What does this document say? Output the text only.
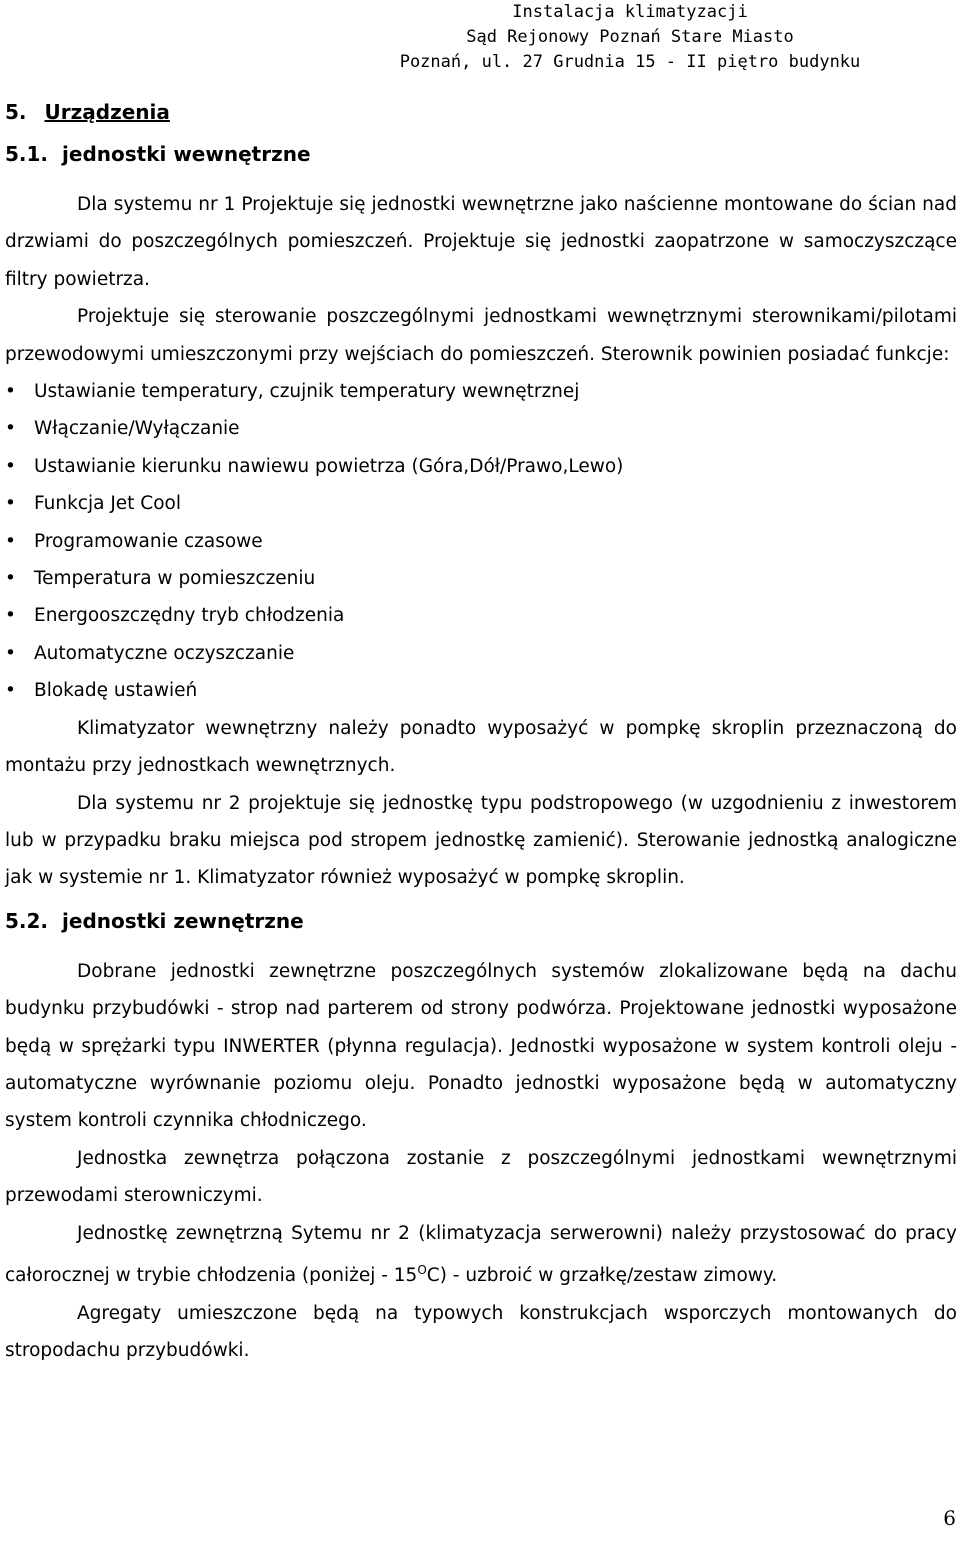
Instalacja klimatyzacji
Sąd Rejonowy Poznań Stare Miasto
Poznań, ul. 27 Grudnia 15 - II piętro budynku
5. Urządzenia
5.1. jednostki wewnętrzne

Dla systemu nr 1 Projektuje się jednostki wewnętrzne jako naścienne montowane do ścian nad drzwiami do poszczególnych pomieszczeń. Projektuje się jednostki zaopatrzone w samoczyszczące filtry powietrza.

Projektuje się sterowanie poszczególnymi jednostkami wewnętrznymi sterownikami/pilotami przewodowymi umieszczonymi przy wejściach do pomieszczeń. Sterownik powinien posiadać funkcje:

• Ustawianie temperatury, czujnik temperatury wewnętrznej
• Włączanie/Wyłączanie
• Ustawianie kierunku nawiewu powietrza (Góra,Dół/Prawo,Lewo)
• Funkcja Jet Cool
• Programowanie czasowe
• Temperatura w pomieszczeniu
• Energooszczędny tryb chłodzenia
• Automatyczne oczyszczanie
• Blokadę ustawień

Klimatyzator wewnętrzny należy ponadto wyposażyć w pompkę skroplin przeznaczoną do montażu przy jednostkach wewnętrznych.

Dla systemu nr 2 projektuje się jednostkę typu podstropowego (w uzgodnieniu z inwestorem lub w przypadku braku miejsca pod stropem jednostkę zamienić). Sterowanie jednostką analogiczne jak w systemie nr 1. Klimatyzator również wyposażyć w pompkę skroplin.

5.2. jednostki zewnętrzne

Dobrane jednostki zewnętrzne poszczególnych systemów zlokalizowane będą na dachu budynku przybudówki - strop nad parterem od strony podwórza. Projektowane jednostki wyposażone będą w sprężarki typu INWERTER (płynna regulacja). Jednostki wyposażone w system kontroli oleju - automatyczne wyrównanie poziomu oleju. Ponadto jednostki wyposażone będą w automatyczny system kontroli czynnika chłodniczego.

Jednostka zewnętrza połączona zostanie z poszczególnymi jednostkami wewnętrznymi przewodami sterowniczymi.

Jednostkę zewnętrzną Sytemu nr 2 (klimatyzacja serwerowni) należy przystosować do pracy całorocznej w trybie chłodzenia (poniżej - $15^OC$) - uzbroić w grzałkę/zestaw zimowy.

Agregaty umieszczone będą na typowych konstrukcjach wsporczych montowanych do stropodachu przybudówki.

6
